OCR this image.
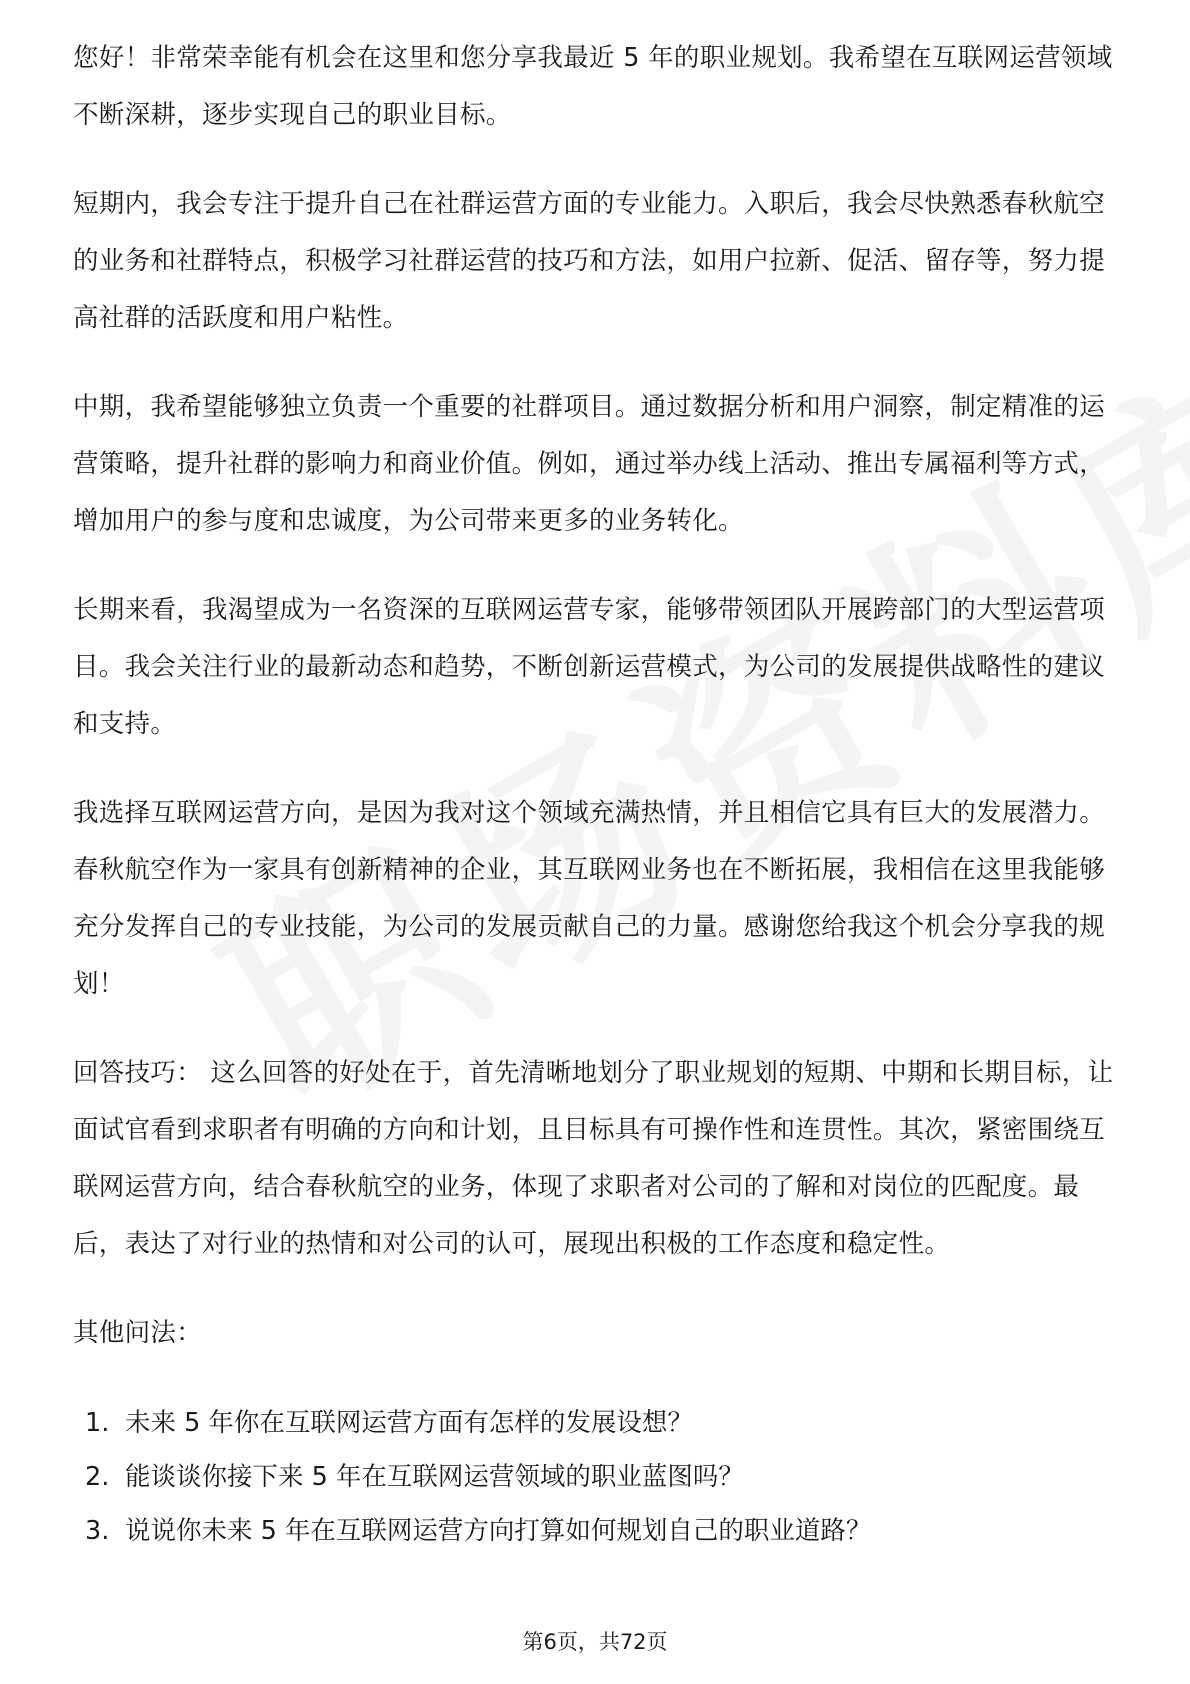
您好！非常荣幸能有机会在这里和您分享我最近 5 年的职业规划。我希望在互联网运营领域不断深耕，逐步实现自己的职业目标。

短期内，我会专注于提升自己在社群运营方面的专业能力。入职后，我会尽快熟悉春秋航空的业务和社群特点，积极学习社群运营的技巧和方法，如用户拉新、促活、留存等，努力提高社群的活跃度和用户粘性。

中期，我希望能够独立负责一个重要的社群项目。通过数据分析和用户洞察，制定精准的运营策略，提升社群的影响力和商业价值。例如，通过举办线上活动、推出专属福利等方式，增加用户的参与度和忠诚度，为公司带来更多的业务转化。

长期来看，我渴望成为一名资深的互联网运营专家，能够带领团队开展跨部门的大型运营项目。我会关注行业的最新动态和趋势，不断创新运营模式，为公司的发展提供战略性的建议和支持。

我选择互联网运营方向，是因为我对这个领域充满热情，并且相信它具有巨大的发展潜力。春秋航空作为一家具有创新精神的企业，其互联网业务也在不断拓展，我相信在这里我能够充分发挥自己的专业技能，为公司的发展贡献自己的力量。感谢您给我这个机会分享我的规划！

回答技巧： 这么回答的好处在于，首先清晰地划分了职业规划的短期、中期和长期目标，让面试官看到求职者有明确的方向和计划，且目标具有可操作性和连贯性。其次，紧密围绕互联网运营方向，结合春秋航空的业务，体现了求职者对公司的了解和对岗位的匹配度。最后，表达了对行业的热情和对公司的认可，展现出积极的工作态度和稳定性。

其他问法：

1. 未来 5 年你在互联网运营方面有怎样的发展设想？
2. 能谈谈你接下来 5 年在互联网运营领域的职业蓝图吗？
3. 说说你未来 5 年在互联网运营方向打算如何规划自己的职业道路？
第6页，共72页
